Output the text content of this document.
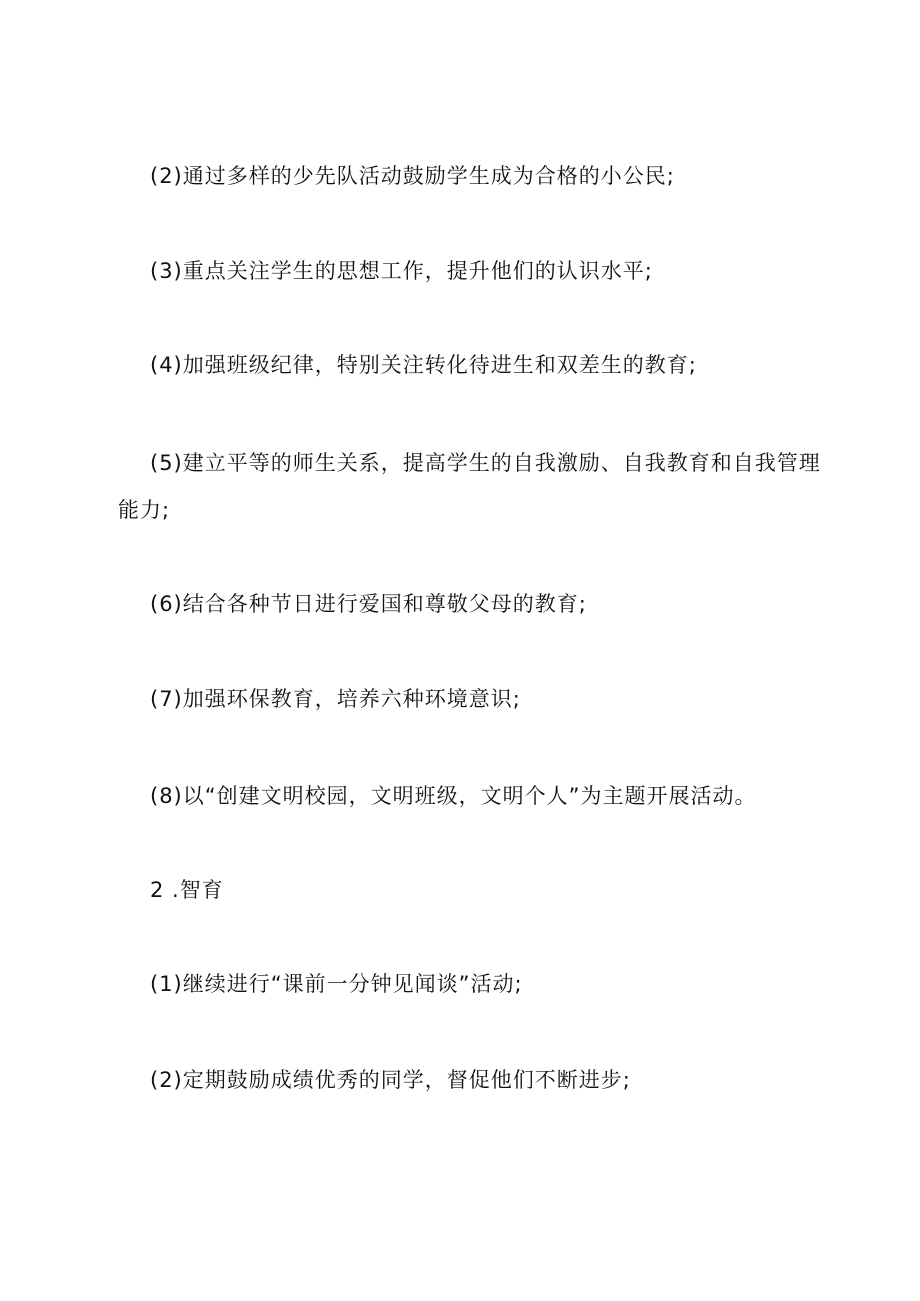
(2)通过多样的少先队活动鼓励学生成为合格的小公民;
(3)重点关注学生的思想工作，提升他们的认识水平;
(4)加强班级纪律，特别关注转化待进生和双差生的教育;
(5)建立平等的师生关系，提高学生的自我激励、自我教育和自我管理
能力;
(6)结合各种节日进行爱国和尊敬父母的教育;
(7)加强环保教育，培养六种环境意识;
(8)以“创建文明校园，文明班级，文明个人”为主题开展活动。
2 .智育
(1)继续进行“课前一分钟见闻谈”活动;
(2)定期鼓励成绩优秀的同学，督促他们不断进步;
